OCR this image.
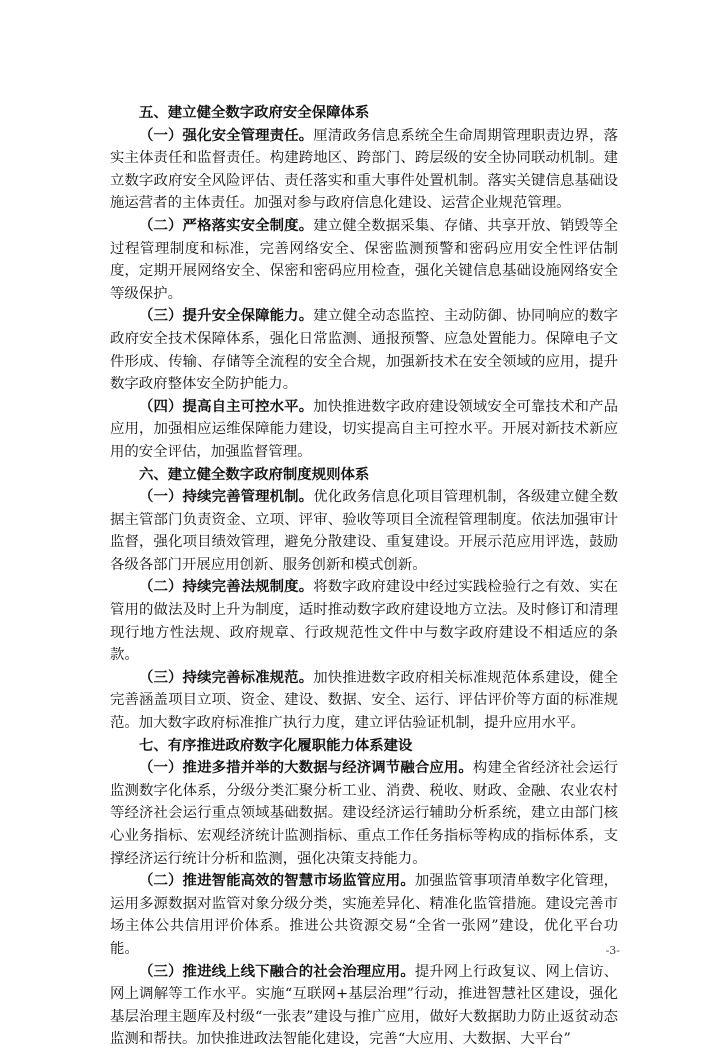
五、建立健全数字政府安全保障体系

（一）强化安全管理责任。厘清政务信息系统全生命周期管理职责边界，落实主体责任和监督责任。构建跨地区、跨部门、跨层级的安全协同联动机制。建立数字政府安全风险评估、责任落实和重大事件处置机制。落实关键信息基础设施运营者的主体责任。加强对参与政府信息化建设、运营企业规范管理。

（二）严格落实安全制度。建立健全数据采集、存储、共享开放、销毁等全过程管理制度和标准，完善网络安全、保密监测预警和密码应用安全性评估制度，定期开展网络安全、保密和密码应用检查，强化关键信息基础设施网络安全等级保护。

（三）提升安全保障能力。建立健全动态监控、主动防御、协同响应的数字政府安全技术保障体系，强化日常监测、通报预警、应急处置能力。保障电子文件形成、传输、存储等全流程的安全合规，加强新技术在安全领域的应用，提升数字政府整体安全防护能力。

（四）提高自主可控水平。加快推进数字政府建设领域安全可靠技术和产品应用，加强相应运维保障能力建设，切实提高自主可控水平。开展对新技术新应用的安全评估，加强监督管理。

六、建立健全数字政府制度规则体系

（一）持续完善管理机制。优化政务信息化项目管理机制，各级建立健全数据主管部门负责资金、立项、评审、验收等项目全流程管理制度。依法加强审计监督，强化项目绩效管理，避免分散建设、重复建设。开展示范应用评选，鼓励各级各部门开展应用创新、服务创新和模式创新。

（二）持续完善法规制度。将数字政府建设中经过实践检验行之有效、实在管用的做法及时上升为制度，适时推动数字政府建设地方立法。及时修订和清理现行地方性法规、政府规章、行政规范性文件中与数字政府建设不相适应的条款。

（三）持续完善标准规范。加快推进数字政府相关标准规范体系建设，健全完善涵盖项目立项、资金、建设、数据、安全、运行、评估评价等方面的标准规范。加大数字政府标准推广执行力度，建立评估验证机制，提升应用水平。

七、有序推进政府数字化履职能力体系建设

（一）推进多措并举的大数据与经济调节融合应用。构建全省经济社会运行监测数字化体系，分级分类汇聚分析工业、消费、税收、财政、金融、农业农村等经济社会运行重点领域基础数据。建设经济运行辅助分析系统，建立由部门核心业务指标、宏观经济统计监测指标、重点工作任务指标等构成的指标体系，支撑经济运行统计分析和监测，强化决策支持能力。

（二）推进智能高效的智慧市场监管应用。加强监管事项清单数字化管理，运用多源数据对监管对象分级分类，实施差异化、精准化监管措施。建设完善市场主体公共信用评价体系。推进公共资源交易“全省一张网”建设，优化平台功能。

（三）推进线上线下融合的社会治理应用。提升网上行政复议、网上信访、网上调解等工作水平。实施“互联网+基层治理”行动，推进智慧社区建设，强化基层治理主题库及村级“一张表”建设与推广应用，做好大数据助力防止返贫动态监测和帮扶。加快推进政法智能化建设，完善“大应用、大数据、大平台”

-3-
